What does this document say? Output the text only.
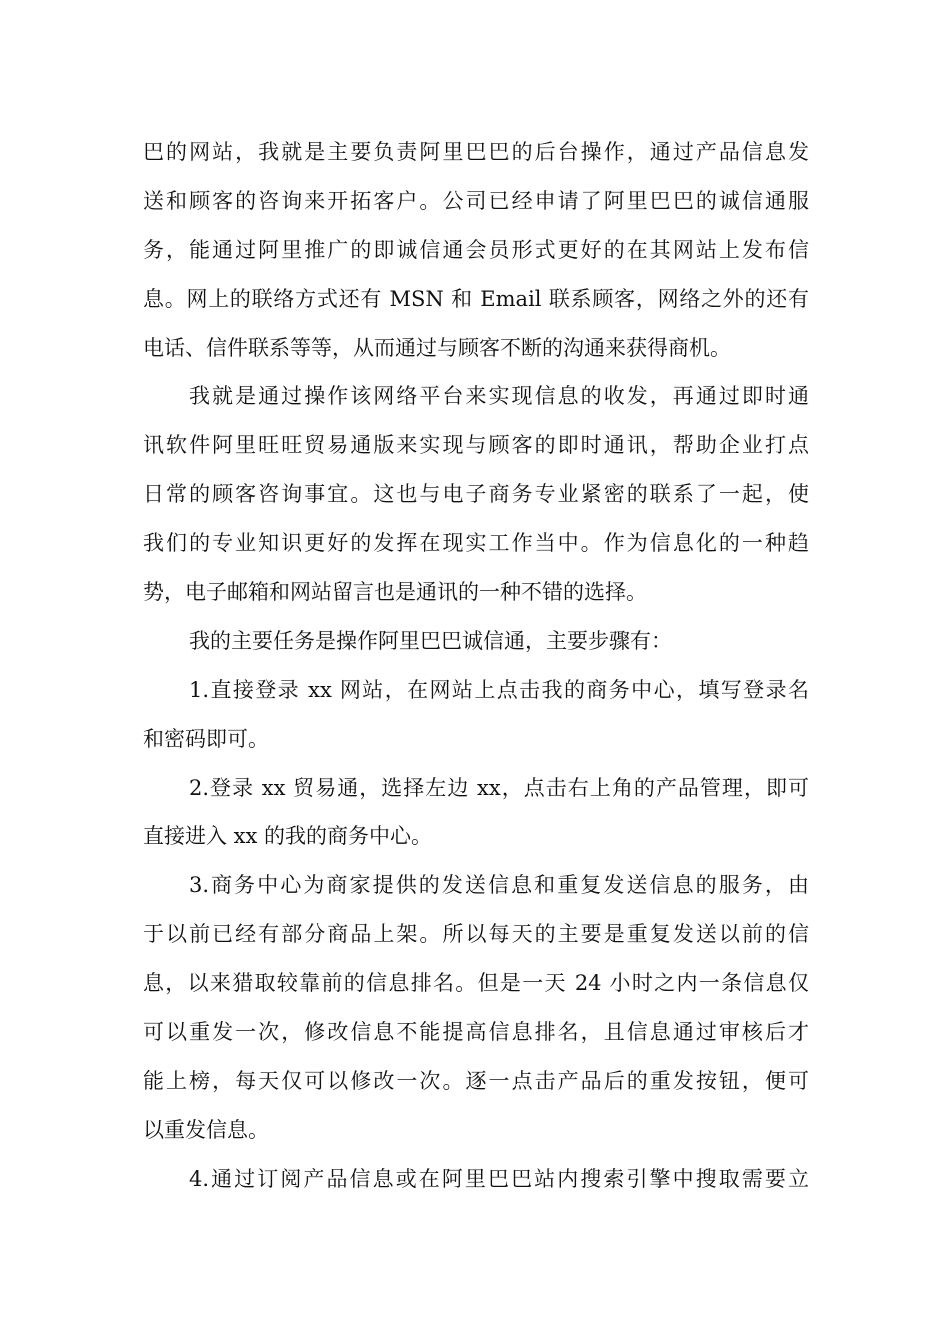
巴的网站，我就是主要负责阿里巴巴的后台操作，通过产品信息发
送和顾客的咨询来开拓客户。公司已经申请了阿里巴巴的诚信通服
务，能通过阿里推广的即诚信通会员形式更好的在其网站上发布信
息。网上的联络方式还有 MSN 和 Email 联系顾客，网络之外的还有
电话、信件联系等等，从而通过与顾客不断的沟通来获得商机。
我就是通过操作该网络平台来实现信息的收发，再通过即时通
讯软件阿里旺旺贸易通版来实现与顾客的即时通讯，帮助企业打点
日常的顾客咨询事宜。这也与电子商务专业紧密的联系了一起，使
我们的专业知识更好的发挥在现实工作当中。作为信息化的一种趋
势，电子邮箱和网站留言也是通讯的一种不错的选择。
我的主要任务是操作阿里巴巴诚信通，主要步骤有：
1.直接登录 xx 网站，在网站上点击我的商务中心，填写登录名
和密码即可。
2.登录 xx 贸易通，选择左边 xx，点击右上角的产品管理，即可
直接进入 xx 的我的商务中心。
3.商务中心为商家提供的发送信息和重复发送信息的服务，由
于以前已经有部分商品上架。所以每天的主要是重复发送以前的信
息，以来猎取较靠前的信息排名。但是一天 24 小时之内一条信息仅
可以重发一次，修改信息不能提高信息排名，且信息通过审核后才
能上榜，每天仅可以修改一次。逐一点击产品后的重发按钮，便可
以重发信息。
4.通过订阅产品信息或在阿里巴巴站内搜索引擎中搜取需要立
